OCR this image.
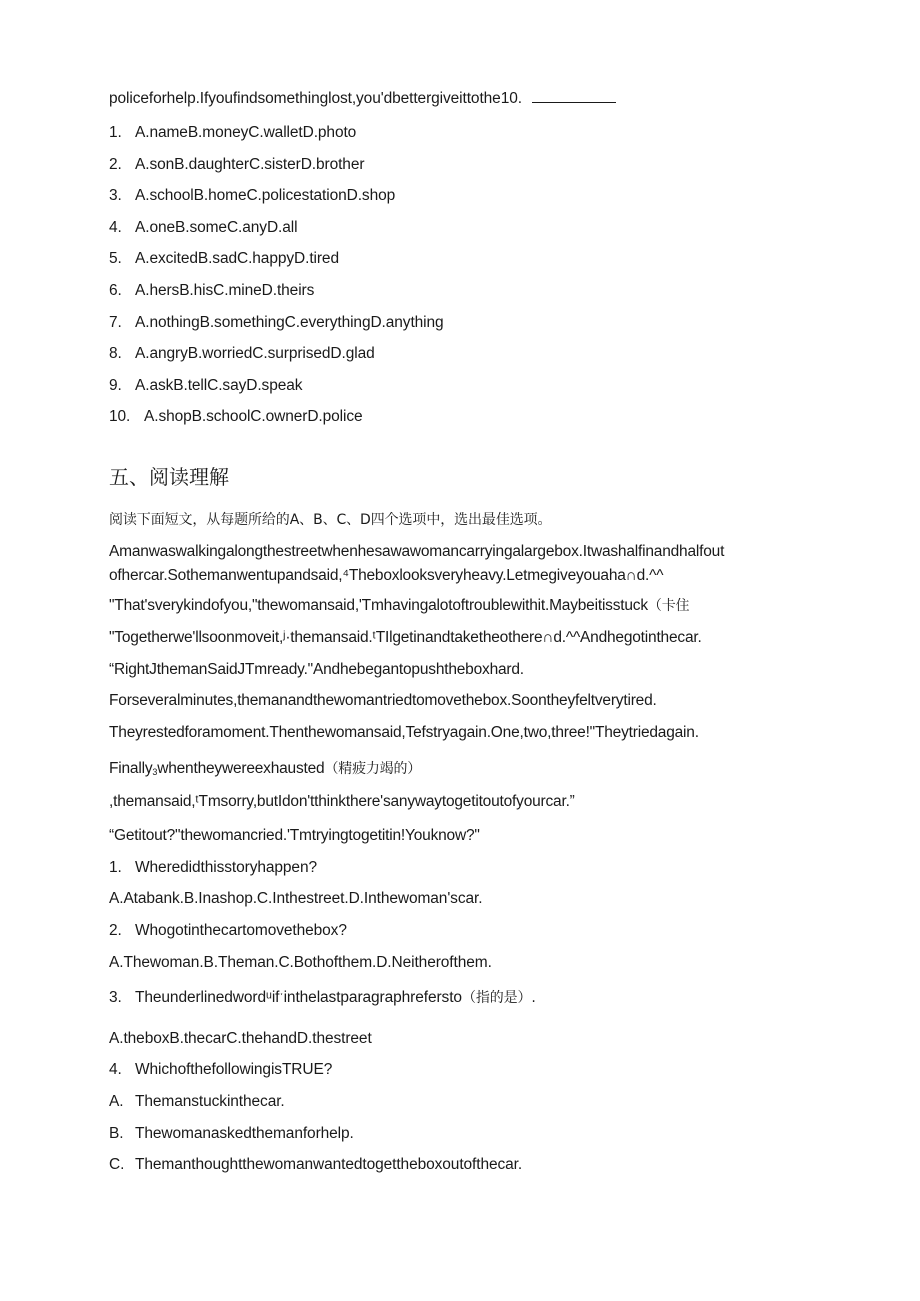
policeforhelp.Ifyoufindsomethinglost,you'dbettergiveittothe10.
1. A.nameB.moneyC.walletD.photo
2. A.sonB.daughterC.sisterD.brother
3. A.schoolB.homeC.policestationD.shop
4. A.oneB.someC.anyD.all
5. A.excitedB.sadC.happyD.tired
6. A.hersB.hisC.mineD.theirs
7. A.nothingB.somethingC.everythingD.anything
8. A.angryB.worriedC.surprisedD.glad
9. A.askB.tellC.sayD.speak
10. A.shopB.schoolC.ownerD.police
五、阅读理解
阅读下面短文，从每题所给的A、B、C、D四个选项中，选出最佳选项。
Amanwaswalkingalongthestreetwhenhesawawomancarryingalargebox.Itwashalfinandhalfout
ofhercar.Sothemanwentupandsaid,⁴Theboxlooksveryheavy.Letmegiveyouaha∩d.^^
"That'sverykindofyou,"thewomansaid,'Tmhavingalotoftroublewithit.Maybeitisstuck（卡住
"Togetherwe'llsoonmoveit,ʲ·themansaid.ᵗTIlgetinandtaketheothere∩d.^^Andhegotinthecar.
“RightJthemanSaidJTmready."Andhebegantopushtheboxhard.
Forseveralminutes,themanandthewomantriedtomovethebox.Soontheyfeltverytired.
Theyrestedforamoment.Thenthewomansaid,Tefstryagain.One,two,three!"Theytriedagain.
Finally$_3$whentheywereexhausted（精疲力竭的）
,themansaid,ᵗTmsorry,butIdon'tthinkthere'sanywaytogetitoutofyourcar.”
“Getitout?"thewomancried.'Tmtryingtogetitin!Youknow?"
1. Wheredidthisstoryhappen?
A.Atabank.B.Inashop.C.Inthestreet.D.Inthewoman'scar.
2. Whogotinthecartomovethebox?
A.Thewoman.B.Theman.C.Bothofthem.D.Neitherofthem.
3. Theunderlinedwordᵘifˑinthelastparagraphrefersto（指的是）.
A.theboxB.thecarC.thehandD.thestreet
4. WhichofthefollowingisTRUE?
A. Themanstuckinthecar.
B. Thewomanaskedthemanforhelp.
C. Themanthoughtthewomanwantedtogettheboxoutofthecar.
